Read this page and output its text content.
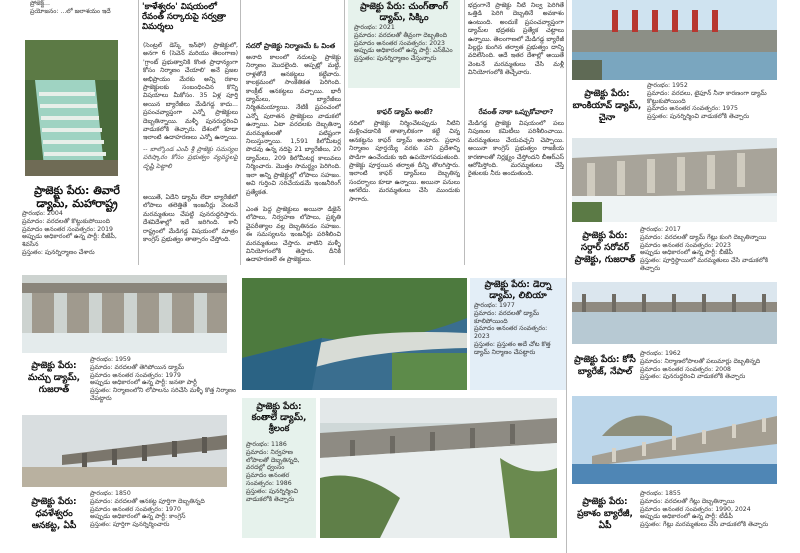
ప్రోజెక్ట్...
ప్రయోజనం: ...లో జలాశయం ఇదే
ప్రాజెక్టు పేరు: తివారే డ్యామ్, మహారాష్ట్ర
ప్రారంభం: 2004
ప్రమాదం: వరదలతో కొట్టుకుపోయింది
ప్రమాదం అనంతర సంవత్సరం: 2019
అప్పుడు అధికారంలో ఉన్న పార్టీ: బీజేపీ, శివసేన
ప్రస్తుతం: పునర్నిర్మాణం చేశారు
'కాళేశ్వరం' విషయంలో రేవంత్ సర్కారుపై సర్వత్రా విమర్శలు
(సెంట్రల్ డెస్క్ ఇన్‌ఫో) ప్రాజెక్టులో, అనగా 6 (సెవెన్ మరియు తెలంగాణ) 'గ్రాంట్ ప్రభుత్వానికి కొంత ప్రాధాన్యంగా కోసం నిర్మాణం చేయాలి' అనే ప్రజల అభిప్రాయం మేరకు అన్ని రకాల ప్రాజెక్టులకు సంబంధించిన కొన్ని విషయాలు మీకోసం. 35 ఏళ్ల పూర్తి అయిన బ్యారేజీలు మేడిగడ్డ కాదు... ప్రపంచవ్యాప్తంగా ఎన్నో ప్రాజెక్టులు దెబ్బతిన్నాయి. మళ్ళీ పునరుద్ధరించి వాడుకలోకి తెచ్చారు. దేశంలో కూడా ఇలాంటి ఉదాహరణలు ఎన్నో ఉన్నాయి.
-- బాల్కొండ ఎంపీ శ్రీ ప్రాజెక్టు సమస్యల పరిష్కారం కోసం ప్రభుత్వం వ్యవస్థలపై దృష్టి పెట్టాలి
అయితే, ఏదేని డ్యామ్ లేదా బ్యారేజీలో లోపాలు తలెత్తితే ఇంజనీర్లు వెంటనే మరమ్మతులు చేపట్టి పునరుద్ధరిస్తారు. దేశవిదేశాల్లో ఇదే జరిగింది. కానీ రాష్ట్రంలో మేడిగడ్డ విషయంలో మాత్రం కాంగ్రెస్ ప్రభుత్వం తాత్సారం చేస్తోంది.
సదరో ప్రాజెక్టు నిర్మాణమే ఓ వింత
అనాది కాలంలో నదులపై ప్రాజెక్టు నిర్మాణం మొదలైంది. అప్పట్లో మట్టి, రాళ్లతోనే ఆనకట్టలు కట్టేవారు. కాలక్రమంలో సాంకేతికత పెరిగింది. కాంక్రీట్ ఆనకట్టలు వచ్చాయి. భారీ డ్యామ్‌లు, బ్యారేజీలు నిర్మితమయ్యాయి. నేటికీ ప్రపంచంలో ఎన్నో పురాతన ప్రాజెక్టులు వాడుకలో ఉన్నాయి. ఏటా వరదలకు దెబ్బతిన్నా మరమ్మతులతో పటిష్టంగా నిలుస్తున్నాయి. 1,591 కిలోమీటర్ల పొడవు ఉన్న నదిపై 21 బ్యారేజీలు, 20 డ్యామ్‌లు, 209 కిలోమీటర్ల కాలువలు నిర్మించారు. మొత్తం సామర్థ్యం పెరిగింది. ఇలా అన్ని ప్రాజెక్టుల్లో లోపాలు సహజం. అవి గుర్తించి సరిచేయడమే ఇంజనీరింగ్ ప్రత్యేకత.
ఎంత పెద్ద ప్రాజెక్టులు అయినా డిజైన్ లోపాలు, నిర్వహణ లోపాలు, ప్రకృతి వైపరీత్యాల వల్ల దెబ్బతినడం సహజం. ఈ సమస్యలను ఇంజనీర్లు పరిశీలించి మరమ్మతులు చేస్తారు. వాటిని మళ్ళీ వినియోగంలోకి తెస్తారు. దీనికి ఉదాహరణలే ఈ ప్రాజెక్టులు.
ప్రాజెక్టు పేరు: చుంగ్‌తాంగ్ డ్యామ్, సిక్కిం
ప్రారంభం: 2021
ప్రమాదం: వరదలతో తీవ్రంగా దెబ్బతింది
ప్రమాదం అనంతర సంవత్సరం: 2023
అప్పుడు అధికారంలో ఉన్న పార్టీ: ఎస్‌కేఎం
ప్రస్తుతం: పునర్నిర్మాణం చేస్తున్నారు
కాఫర్ డ్యామ్ అంటే?
నదిలో ప్రాజెక్టు నిర్మించేటప్పుడు నీటిని మళ్లించడానికి తాత్కాలికంగా కట్టే చిన్న ఆనకట్టను కాఫర్ డ్యామ్ అంటారు. ప్రధాన నిర్మాణం పూర్తయ్యే వరకు పని ప్రదేశాన్ని పొడిగా ఉంచేందుకు ఇది ఉపయోగపడుతుంది. ప్రాజెక్టు పూర్తయిన తర్వాత దీన్ని తొలగిస్తారు. ఇలాంటి కాఫర్ డ్యామ్‌లు దెబ్బతిన్న సందర్భాలు కూడా ఉన్నాయి. అయినా పనులు ఆగలేదు. మరమ్మతులు చేసి ముందుకు సాగారు.
భద్రంగానే ప్రాజెక్టు నీటి నిల్వ పెరిగితే ఒత్తిడి పెరిగి దెబ్బతినే అవకాశం ఉంటుంది. అందుకే ప్రపంచవ్యాప్తంగా డ్యామ్‌ల భద్రతకు ప్రత్యేక చట్టాలు ఉన్నాయి. తెలంగాణలో మేడిగడ్డ బ్యారేజీ పిల్లర్లు కుంగిన తర్వాత ప్రభుత్వం దాన్ని వదిలేసింది. అదే ఇతర దేశాల్లో అయితే వెంటనే మరమ్మతులు చేసి మళ్లీ వినియోగంలోకి తెచ్చేవారు.
రేవంత్ నాకా ఒప్పుకోవాలా?
మేడిగడ్డ ప్రాజెక్టు విషయంలో పలు నిపుణుల కమిటీలు పరిశీలించాయి. మరమ్మతులు చేయవచ్చని చెప్పాయి. అయినా కాంగ్రెస్ ప్రభుత్వం రాజకీయ కారణాలతో నిర్లక్ష్యం చేస్తోందని బీఆర్‌ఎస్ ఆరోపిస్తోంది. మరమ్మతులు చేస్తే రైతులకు నీరు అందుతుంది.
ప్రాజెక్టు పేరు: బాంకియావ్ డ్యామ్, చైనా
ప్రారంభం: 1952
ప్రమాదం: వరదలు, టైఫూన్ నీనా కారణంగా డ్యామ్ కొట్టుకుపోయింది
ప్రమాదం అనంతర సంవత్సరం: 1975
ప్రస్తుతం: పునర్నిర్మించి వాడుకలోకి తెచ్చారు
ప్రాజెక్టు పేరు: సర్దార్ సరోవర్ ప్రాజెక్టు, గుజరాత్
ప్రారంభం: 2017
ప్రమాదం: వరదలతో డ్యామ్ గేట్లు కుంగి దెబ్బతిన్నాయి
ప్రమాదం అనంతర సంవత్సరం: 2023
అప్పుడు అధికారంలో ఉన్న పార్టీ: బీజేపీ
ప్రస్తుతం: పూర్తిస్థాయిలో మరమ్మతులు చేసి వాడుకలోకి తెచ్చారు
ప్రాజెక్టు పేరు: కోసీ బ్యారేజ్, నేపాల్
ప్రారంభం: 1962
ప్రమాదం: నిర్మాణలోపాలతో పలుమార్లు దెబ్బతిన్నది
ప్రమాదం అనంతర సంవత్సరం: 2008
ప్రస్తుతం: పునరుద్ధరించి వాడుకలోకి తెచ్చారు
ప్రాజెక్టు పేరు: ప్రకాశం బ్యారేజీ, ఏపీ
ప్రారంభం: 1855
ప్రమాదం: వరదలతో గేట్లు దెబ్బతిన్నాయి
ప్రమాదం అనంతర సంవత్సరం: 1990, 2024
అప్పుడు అధికారంలో ఉన్న పార్టీ: టీడీపీ
ప్రస్తుతం: గేట్లు మరమ్మతులు చేసి వాడుకలోకి తెచ్చారు
ప్రాజెక్టు పేరు: మచ్చు డ్యామ్, గుజరాత్
ప్రారంభం: 1959
ప్రమాదం: వరదలతో తెగిపోయిన డ్యామ్
ప్రమాదం అనంతర సంవత్సరం: 1979
అప్పుడు అధికారంలో ఉన్న పార్టీ: జనతా పార్టీ
ప్రస్తుతం: నిర్మాణంలోని లోపాలను సరిచేసి మళ్ళీ కొత్త నిర్మాణం చేపట్టారు
ప్రాజెక్టు పేరు: ధవళేశ్వరం ఆనకట్ట, ఏపీ
ప్రారంభం: 1850
ప్రమాదం: వరదలతో ఆనకట్ట పూర్తిగా దెబ్బతిన్నది
ప్రమాదం అనంతర సంవత్సరం: 1970
అప్పుడు అధికారంలో ఉన్న పార్టీ: కాంగ్రెస్
ప్రస్తుతం: పూర్తిగా పునర్నిర్మించారు
ప్రాజెక్టు పేరు: డెర్నా డ్యామ్, లిబియా
ప్రారంభం: 1977
ప్రమాదం: వరదలతో డ్యామ్ కూలిపోయింది
ప్రమాదం అనంతర సంవత్సరం: 2023
ప్రస్తుతం: ప్రస్తుతం అదే చోట కొత్త డ్యామ్ నిర్మాణం చేపట్టారు
ప్రాజెక్టు పేరు: కంతాలే డ్యామ్, శ్రీలంక
ప్రారంభం: 1186
ప్రమాదం: నిర్వహణ లోపాలతో దెబ్బతిన్నది, వరదల్లో ధ్వంసం
ప్రమాదం అనంతర సంవత్సరం: 1986
ప్రస్తుతం: పునర్నిర్మించి వాడుకలోకి తెచ్చారు
